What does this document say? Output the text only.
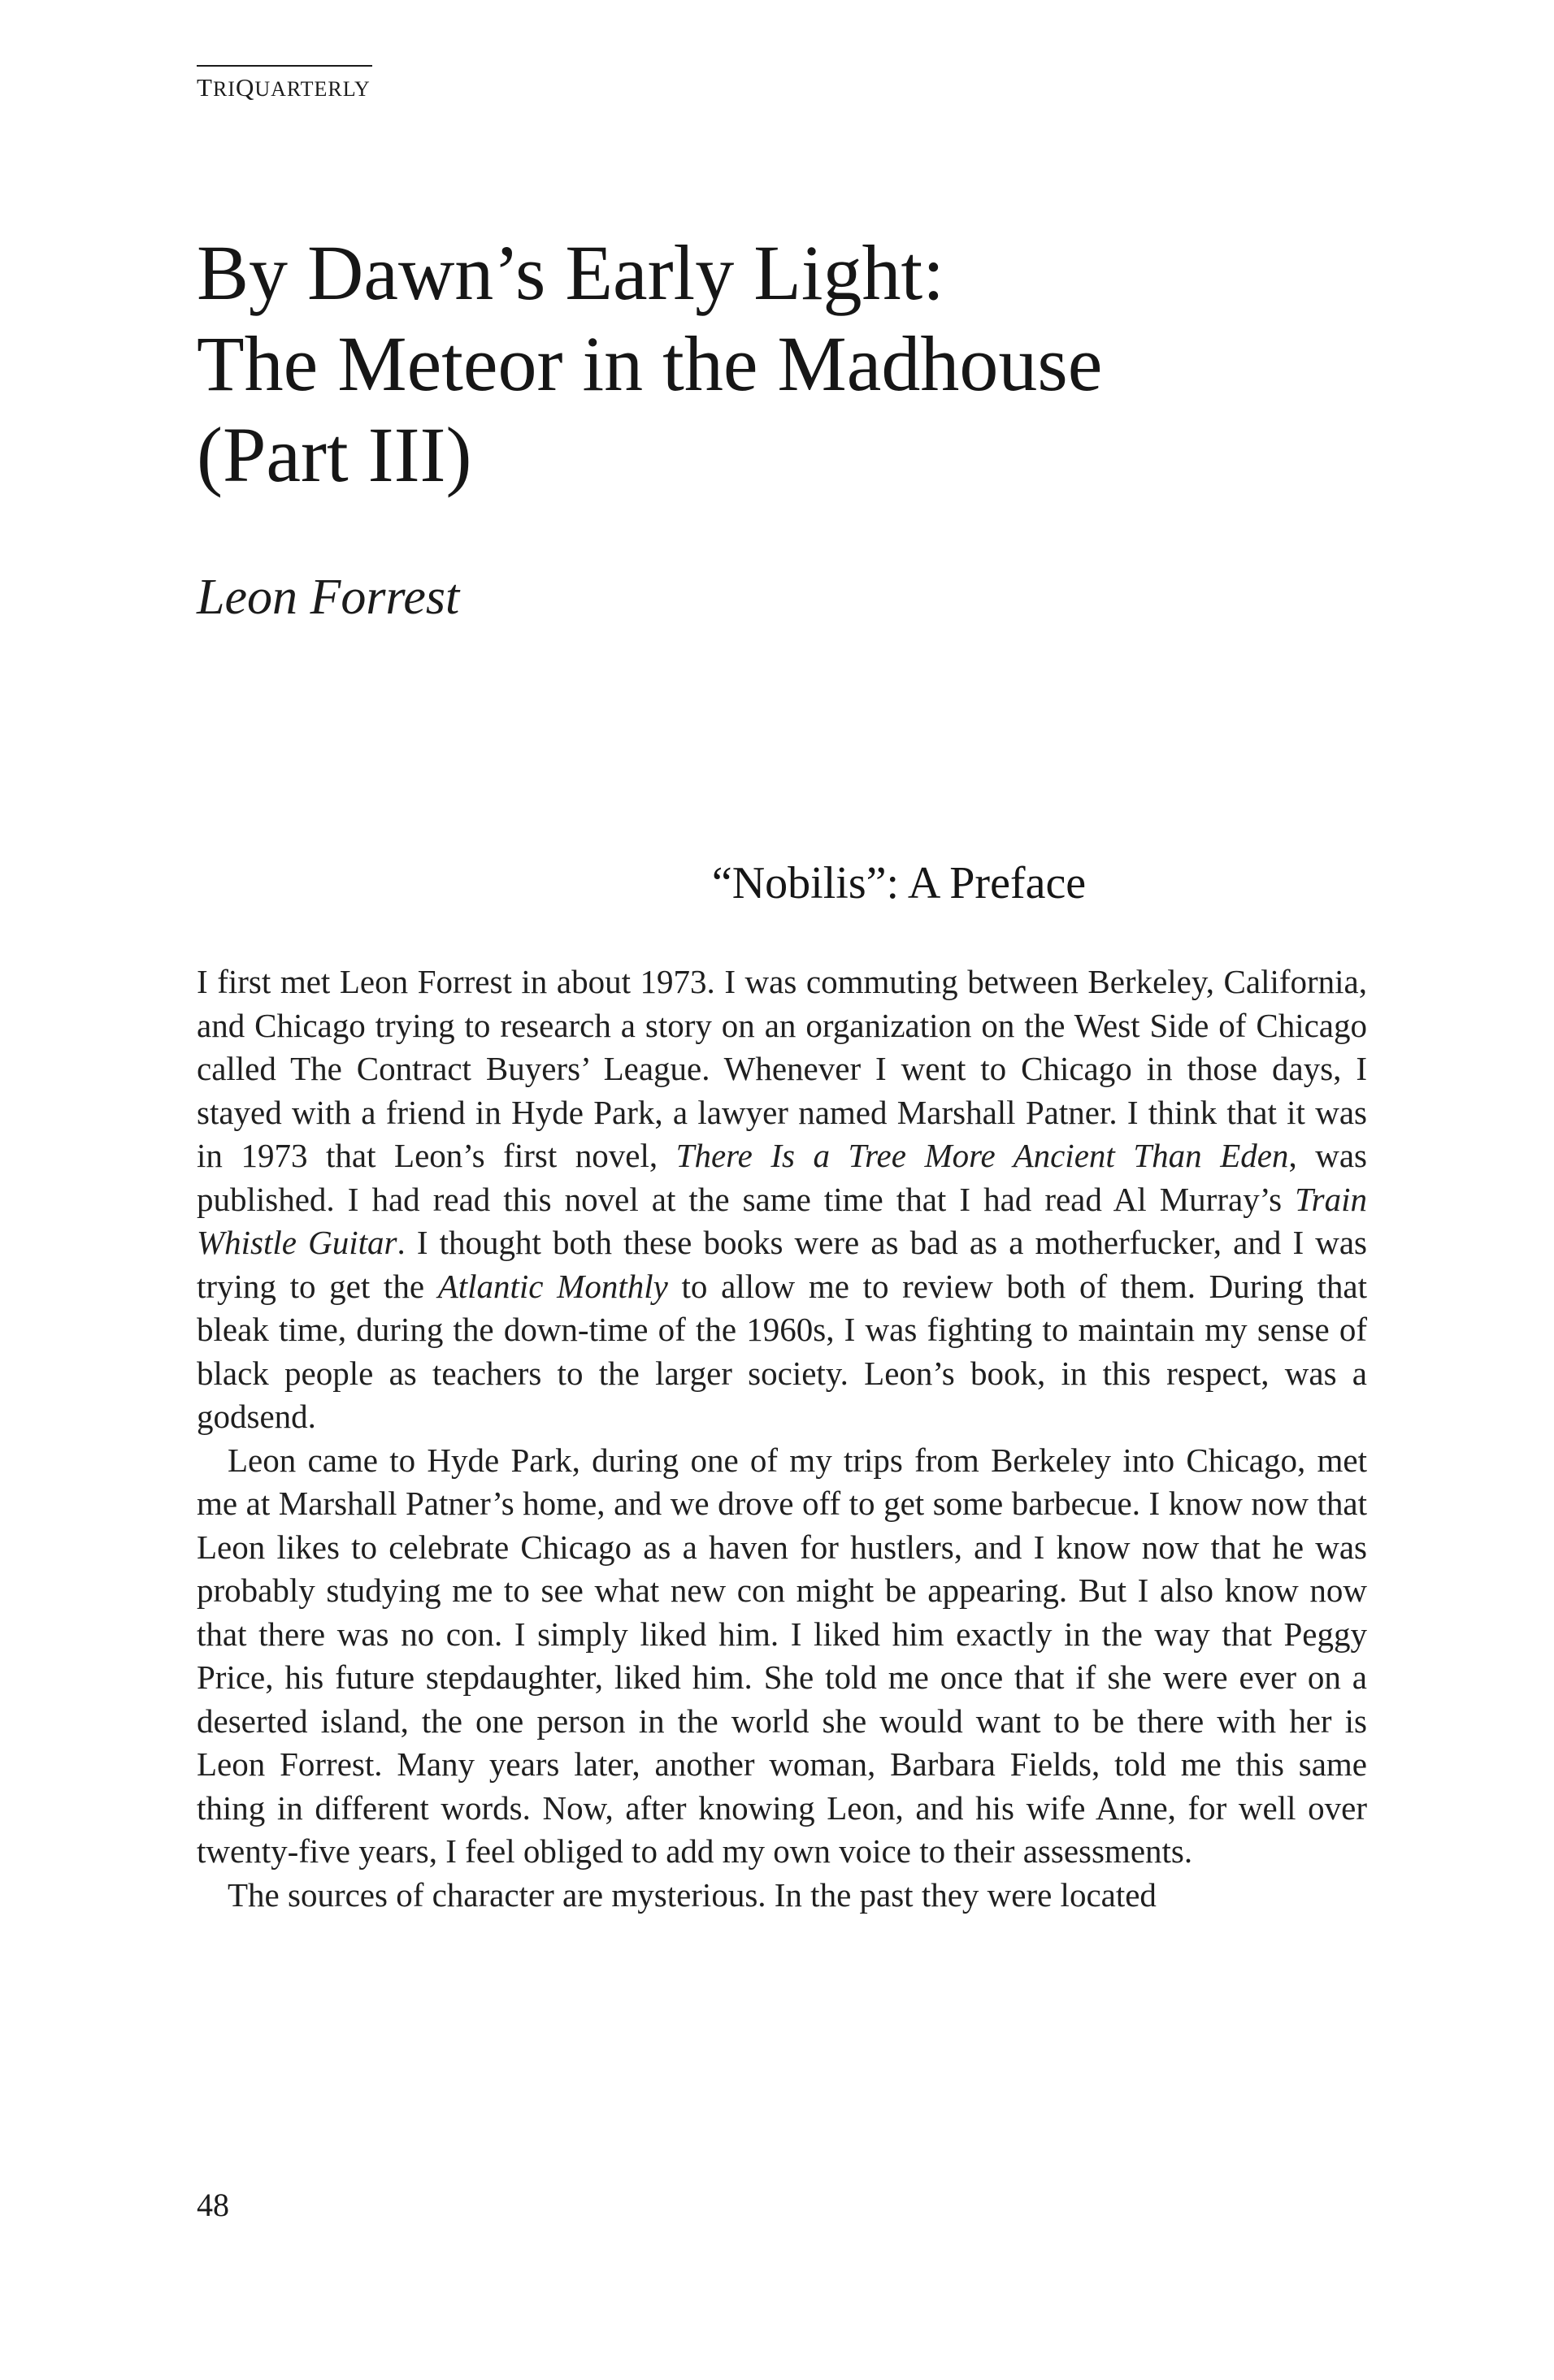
TRIQUARTERLY
By Dawn’s Early Light:
The Meteor in the Madhouse
(Part III)
Leon Forrest
“Nobilis”: A Preface

I first met Leon Forrest in about 1973. I was commuting between Berkeley, California, and Chicago trying to research a story on an organization on the West Side of Chicago called The Contract Buyers’ League. Whenever I went to Chicago in those days, I stayed with a friend in Hyde Park, a lawyer named Marshall Patner. I think that it was in 1973 that Leon’s first novel, There Is a Tree More Ancient Than Eden, was published. I had read this novel at the same time that I had read Al Murray’s Train Whistle Guitar. I thought both these books were as bad as a motherfucker, and I was trying to get the Atlantic Monthly to allow me to review both of them. During that bleak time, during the down-time of the 1960s, I was fighting to maintain my sense of black people as teachers to the larger society. Leon’s book, in this respect, was a godsend.

Leon came to Hyde Park, during one of my trips from Berkeley into Chicago, met me at Marshall Patner’s home, and we drove off to get some barbecue. I know now that Leon likes to celebrate Chicago as a haven for hustlers, and I know now that he was probably studying me to see what new con might be appearing. But I also know now that there was no con. I simply liked him. I liked him exactly in the way that Peggy Price, his future stepdaughter, liked him. She told me once that if she were ever on a deserted island, the one person in the world she would want to be there with her is Leon Forrest. Many years later, another woman, Barbara Fields, told me this same thing in different words. Now, after knowing Leon, and his wife Anne, for well over twenty-five years, I feel obliged to add my own voice to their assessments.

The sources of character are mysterious. In the past they were located

48
